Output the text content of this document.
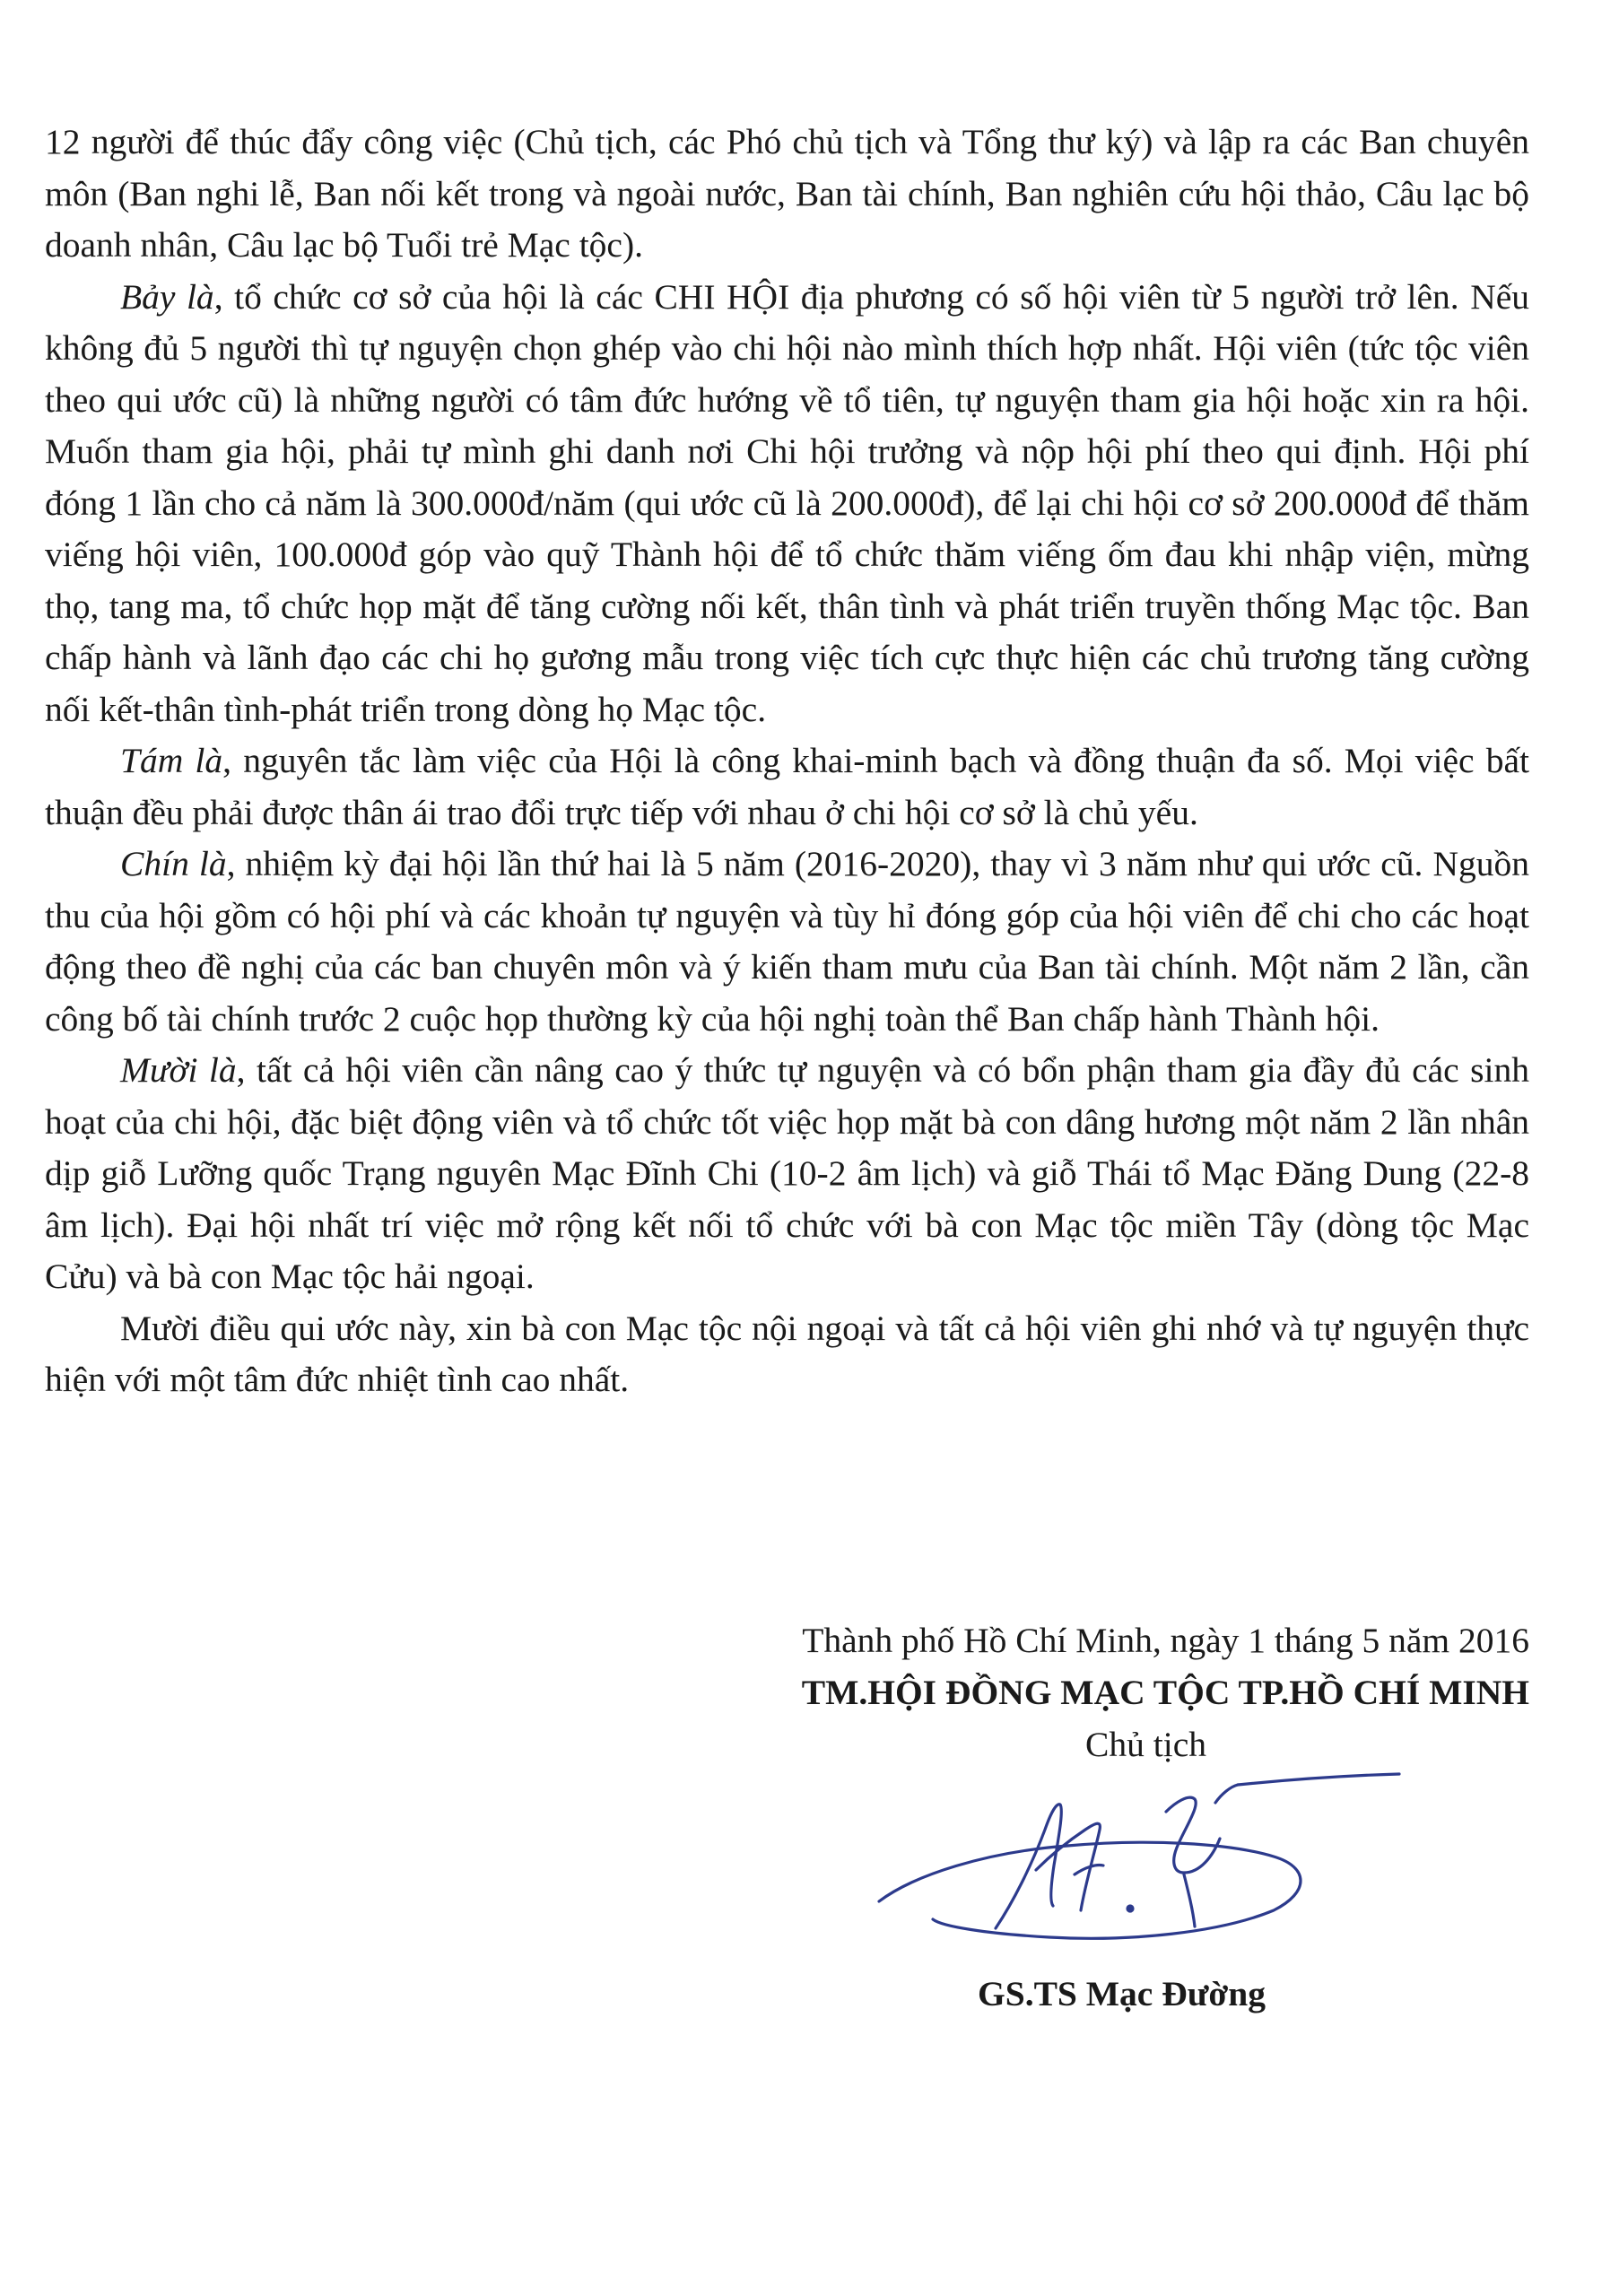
12 người để thúc đẩy công việc (Chủ tịch, các Phó chủ tịch và Tổng thư ký) và lập ra các Ban chuyên môn (Ban nghi lễ, Ban nối kết trong và ngoài nước, Ban tài chính, Ban nghiên cứu hội thảo, Câu lạc bộ doanh nhân, Câu lạc bộ Tuổi trẻ Mạc tộc).

Bảy là, tổ chức cơ sở của hội là các CHI HỘI địa phương có số hội viên từ 5 người trở lên. Nếu không đủ 5 người thì tự nguyện chọn ghép vào chi hội nào mình thích hợp nhất. Hội viên (tức tộc viên theo qui ước cũ) là những người có tâm đức hướng về tổ tiên, tự nguyện tham gia hội hoặc xin ra hội. Muốn tham gia hội, phải tự mình ghi danh nơi Chi hội trưởng và nộp hội phí theo qui định. Hội phí đóng 1 lần cho cả năm là 300.000đ/năm (qui ước cũ là 200.000đ), để lại chi hội cơ sở 200.000đ để thăm viếng hội viên, 100.000đ góp vào quỹ Thành hội để tổ chức thăm viếng ốm đau khi nhập viện, mừng thọ, tang ma, tổ chức họp mặt để tăng cường nối kết, thân tình và phát triển truyền thống Mạc tộc. Ban chấp hành và lãnh đạo các chi họ gương mẫu trong việc tích cực thực hiện các chủ trương tăng cường nối kết-thân tình-phát triển trong dòng họ Mạc tộc.

Tám là, nguyên tắc làm việc của Hội là công khai-minh bạch và đồng thuận đa số. Mọi việc bất thuận đều phải được thân ái trao đổi trực tiếp với nhau ở chi hội cơ sở là chủ yếu.

Chín là, nhiệm kỳ đại hội lần thứ hai là 5 năm (2016-2020), thay vì 3 năm như qui ước cũ. Nguồn thu của hội gồm có hội phí và các khoản tự nguyện và tùy hỉ đóng góp của hội viên để chi cho các hoạt động theo đề nghị của các ban chuyên môn và ý kiến tham mưu của Ban tài chính. Một năm 2 lần, cần công bố tài chính trước 2 cuộc họp thường kỳ của hội nghị toàn thể Ban chấp hành Thành hội.

Mười là, tất cả hội viên cần nâng cao ý thức tự nguyện và có bổn phận tham gia đầy đủ các sinh hoạt của chi hội, đặc biệt động viên và tổ chức tốt việc họp mặt bà con dâng hương một năm 2 lần nhân dịp giỗ Lưỡng quốc Trạng nguyên Mạc Đĩnh Chi (10-2 âm lịch) và giỗ Thái tổ Mạc Đăng Dung (22-8 âm lịch). Đại hội nhất trí việc mở rộng kết nối tổ chức với bà con Mạc tộc miền Tây (dòng tộc Mạc Cửu) và bà con Mạc tộc hải ngoại.

Mười điều qui ước này, xin bà con Mạc tộc nội ngoại và tất cả hội viên ghi nhớ và tự nguyện thực hiện với một tâm đức nhiệt tình cao nhất.

Thành phố Hồ Chí Minh, ngày 1 tháng 5 năm 2016
TM.HỘI ĐỒNG MẠC TỘC TP.HỒ CHÍ MINH
Chủ tịch
GS.TS Mạc Đường
